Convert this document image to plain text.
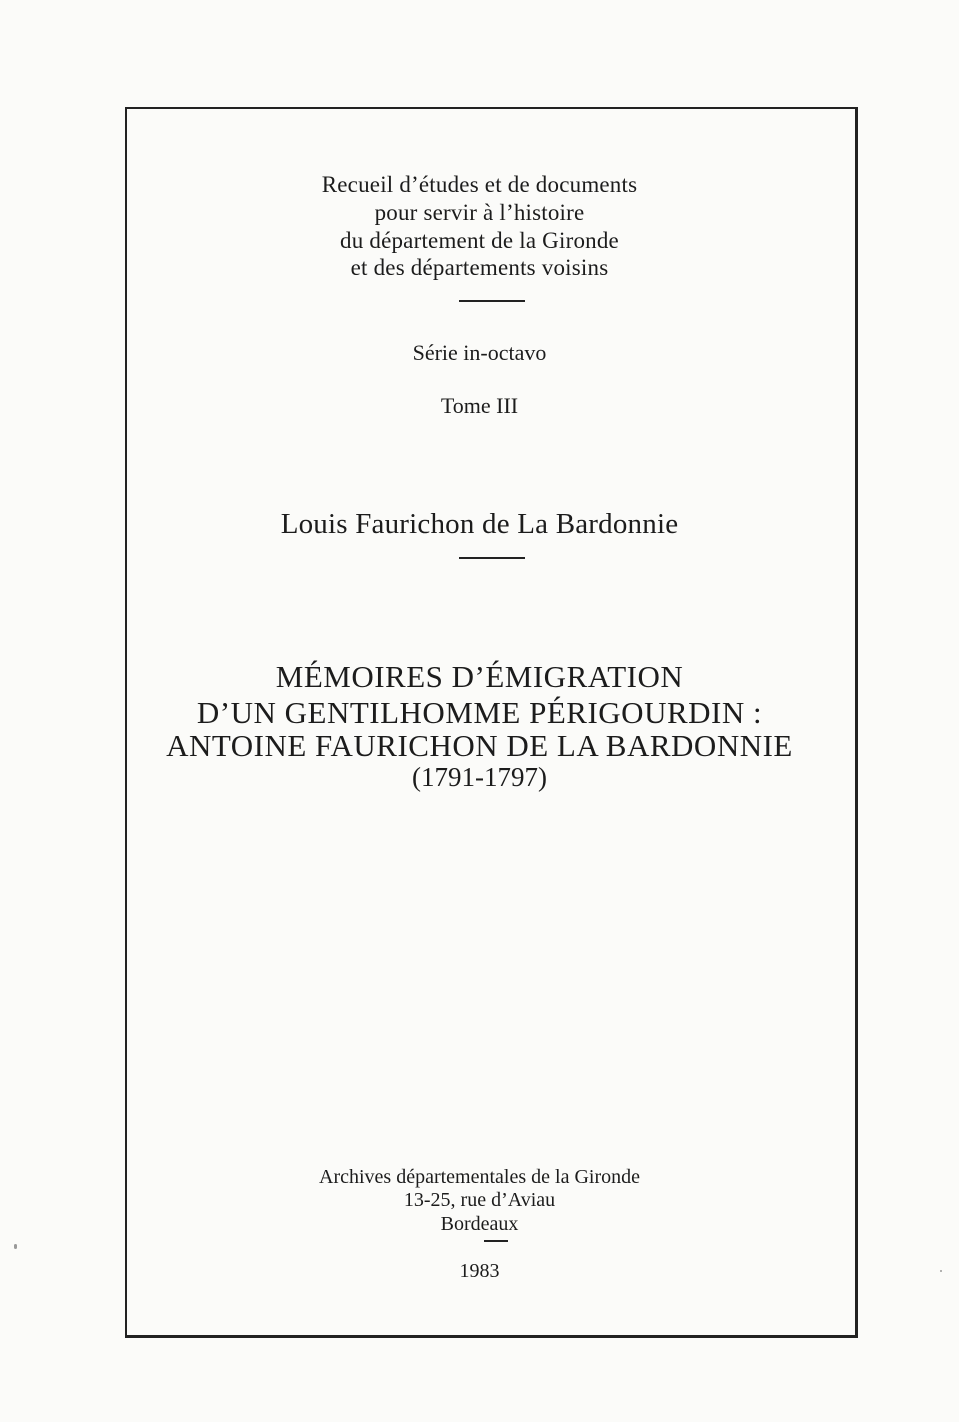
Recueil d’études et de documents
pour servir à l’histoire
du département de la Gironde
et des départements voisins
Série in-octavo
Tome III
Louis Faurichon de La Bardonnie
MÉMOIRES D’ÉMIGRATION
D’UN GENTILHOMME PÉRIGOURDIN :
ANTOINE FAURICHON DE LA BARDONNIE
(1791-1797)
Archives départementales de la Gironde
13-25, rue d’Aviau
Bordeaux
1983
